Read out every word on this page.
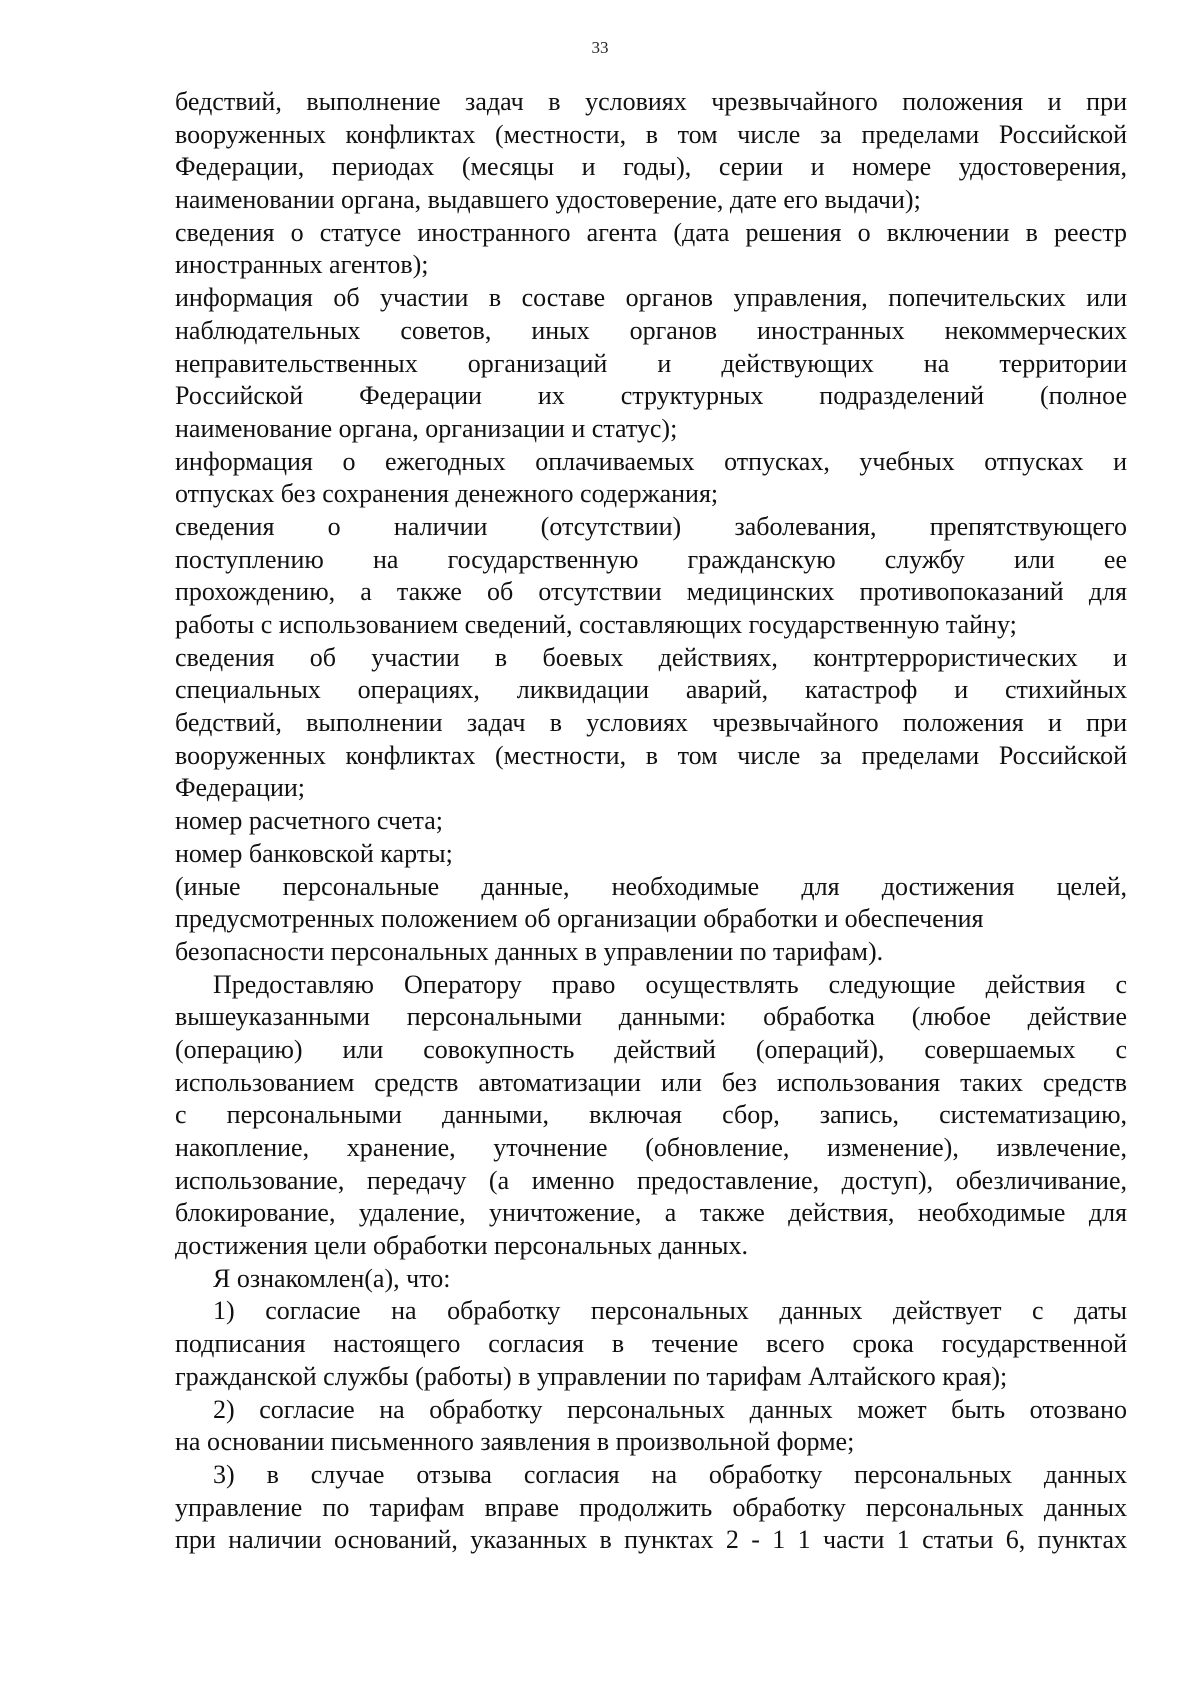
33
бедствий, выполнение задач в условиях чрезвычайного положения и при
вооруженных конфликтах (местности, в том числе за пределами Российской
Федерации, периодах (месяцы и годы), серии и номере удостоверения,
наименовании органа, выдавшего удостоверение, дате его выдачи);
сведения о статусе иностранного агента (дата решения о включении в реестр
иностранных агентов);
информация об участии в составе органов управления, попечительских или
наблюдательных советов, иных органов иностранных некоммерческих
неправительственных организаций и действующих на территории
Российской Федерации их структурных подразделений (полное
наименование органа, организации и статус);
информация о ежегодных оплачиваемых отпусках, учебных отпусках и
отпусках без сохранения денежного содержания;
сведения о наличии (отсутствии) заболевания, препятствующего
поступлению на государственную гражданскую службу или ее
прохождению, а также об отсутствии медицинских противопоказаний для
работы с использованием сведений, составляющих государственную тайну;
сведения об участии в боевых действиях, контртеррористических и
специальных операциях, ликвидации аварий, катастроф и стихийных
бедствий, выполнении задач в условиях чрезвычайного положения и при
вооруженных конфликтах (местности, в том числе за пределами Российской
Федерации;
номер расчетного счета;
номер банковской карты;
(иные персональные данные, необходимые для достижения целей,
предусмотренных положением об организации обработки и обеспечения
безопасности персональных данных в управлении по тарифам).
Предоставляю Оператору право осуществлять следующие действия с
вышеуказанными персональными данными: обработка (любое действие
(операцию) или совокупность действий (операций), совершаемых с
использованием средств автоматизации или без использования таких средств
с персональными данными, включая сбор, запись, систематизацию,
накопление, хранение, уточнение (обновление, изменение), извлечение,
использование, передачу (а именно предоставление, доступ), обезличивание,
блокирование, удаление, уничтожение, а также действия, необходимые для
достижения цели обработки персональных данных.
Я ознакомлен(а), что:
1) согласие на обработку персональных данных действует с даты
подписания настоящего согласия в течение всего срока государственной
гражданской службы (работы) в управлении по тарифам Алтайского края);
2) согласие на обработку персональных данных может быть отозвано
на основании письменного заявления в произвольной форме;
3) в случае отзыва согласия на обработку персональных данных
управление по тарифам вправе продолжить обработку персональных данных
при наличии оснований, указанных в пунктах 2 - 1 1 части 1 статьи 6, пунктах
